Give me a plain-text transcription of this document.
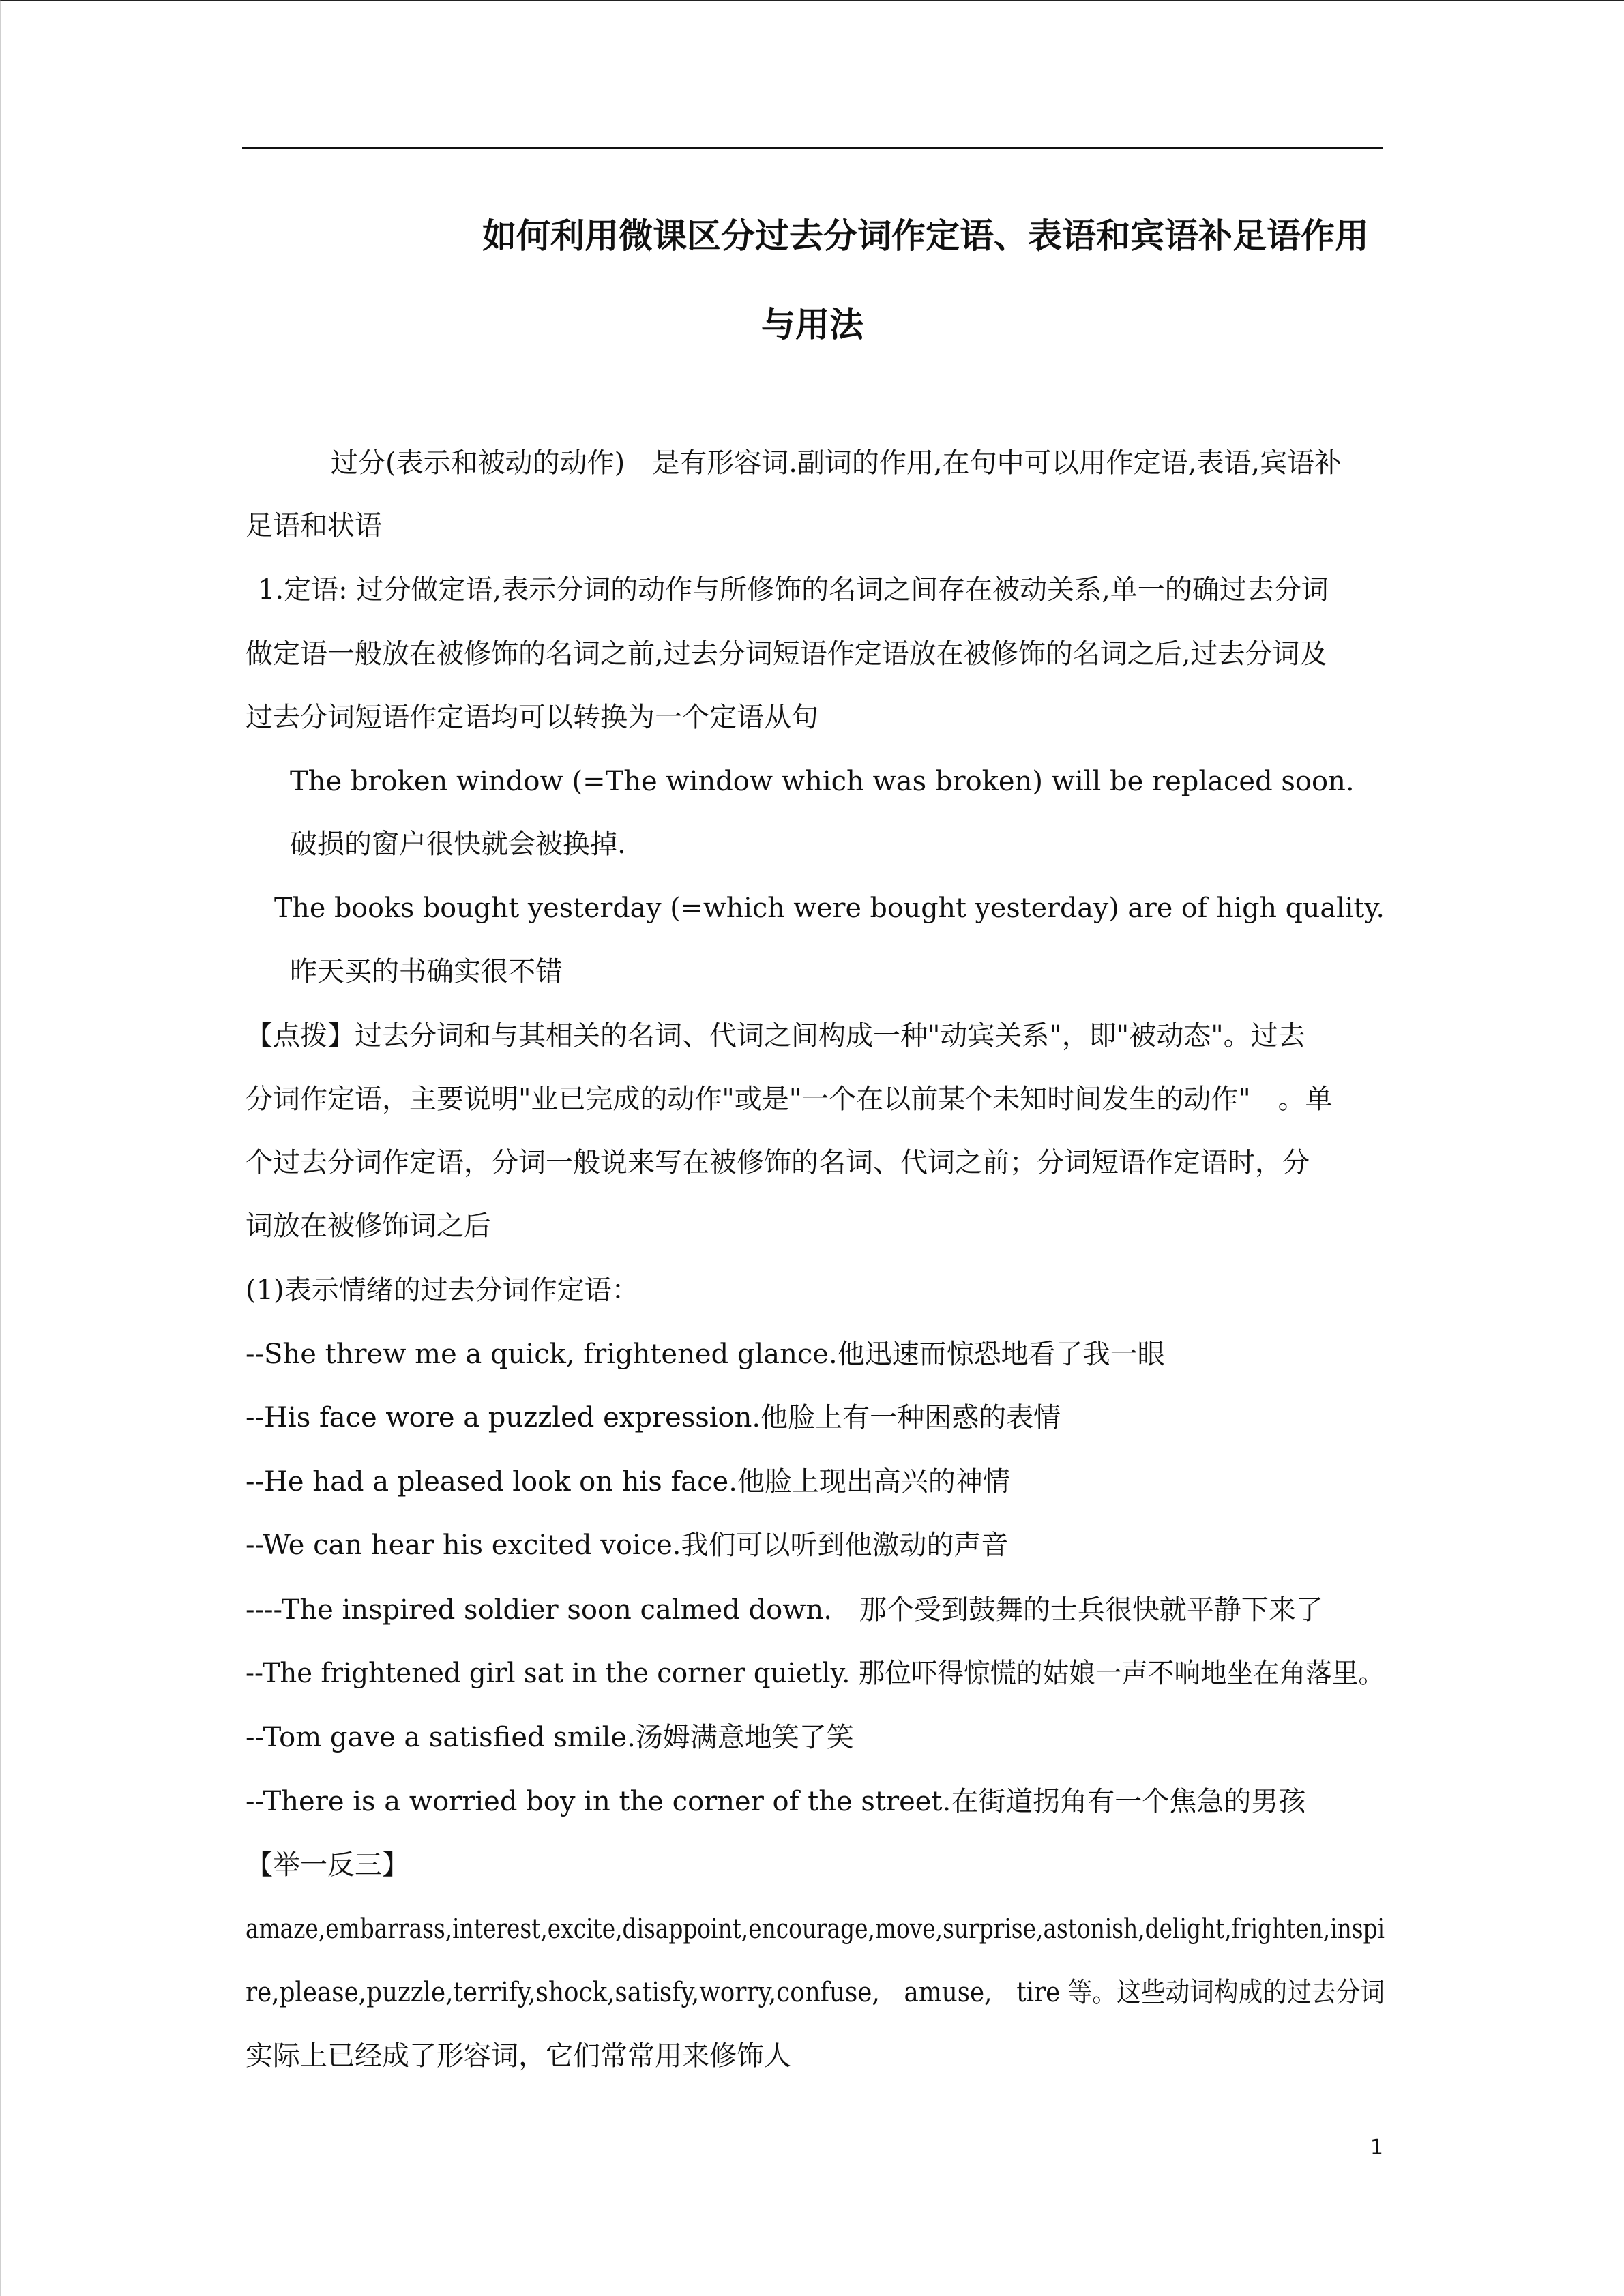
如何利用微课区分过去分词作定语、表语和宾语补足语作用
与用法
过分(表示和被动的动作)　是有形容词.副词的作用,在句中可以用作定语,表语,宾语补
足语和状语
1.定语: 过分做定语,表示分词的动作与所修饰的名词之间存在被动关系,单一的确过去分词
做定语一般放在被修饰的名词之前,过去分词短语作定语放在被修饰的名词之后,过去分词及
过去分词短语作定语均可以转换为一个定语从句
The broken window (=The window which was broken) will be replaced soon.
破损的窗户很快就会被换掉.
The books bought yesterday (=which were bought yesterday) are of high quality.
昨天买的书确实很不错
【点拨】过去分词和与其相关的名词、代词之间构成一种"动宾关系"，即"被动态"。过去
分词作定语，主要说明"业已完成的动作"或是"一个在以前某个未知时间发生的动作"　。单
个过去分词作定语，分词一般说来写在被修饰的名词、代词之前；分词短语作定语时，分
词放在被修饰词之后
(1)表示情绪的过去分词作定语：
--She threw me a quick, frightened glance.他迅速而惊恐地看了我一眼
--His face wore a puzzled expression.他脸上有一种困惑的表情
--He had a pleased look on his face.他脸上现出高兴的神情
--We can hear his excited voice.我们可以听到他激动的声音
----The inspired soldier soon calmed down.　那个受到鼓舞的士兵很快就平静下来了
--The frightened girl sat in the corner quietly. 那位吓得惊慌的姑娘一声不响地坐在角落里。
--Tom gave a satisfied smile.汤姆满意地笑了笑
--There is a worried boy in the corner of the street.在街道拐角有一个焦急的男孩
【举一反三】
amaze,embarrass,interest,excite,disappoint,encourage,move,surprise,astonish,delight,frighten,inspi
re,please,puzzle,terrify,shock,satisfy,worry,confuse,　amuse,　tire 等。这些动词构成的过去分词
实际上已经成了形容词，它们常常用来修饰人
1
